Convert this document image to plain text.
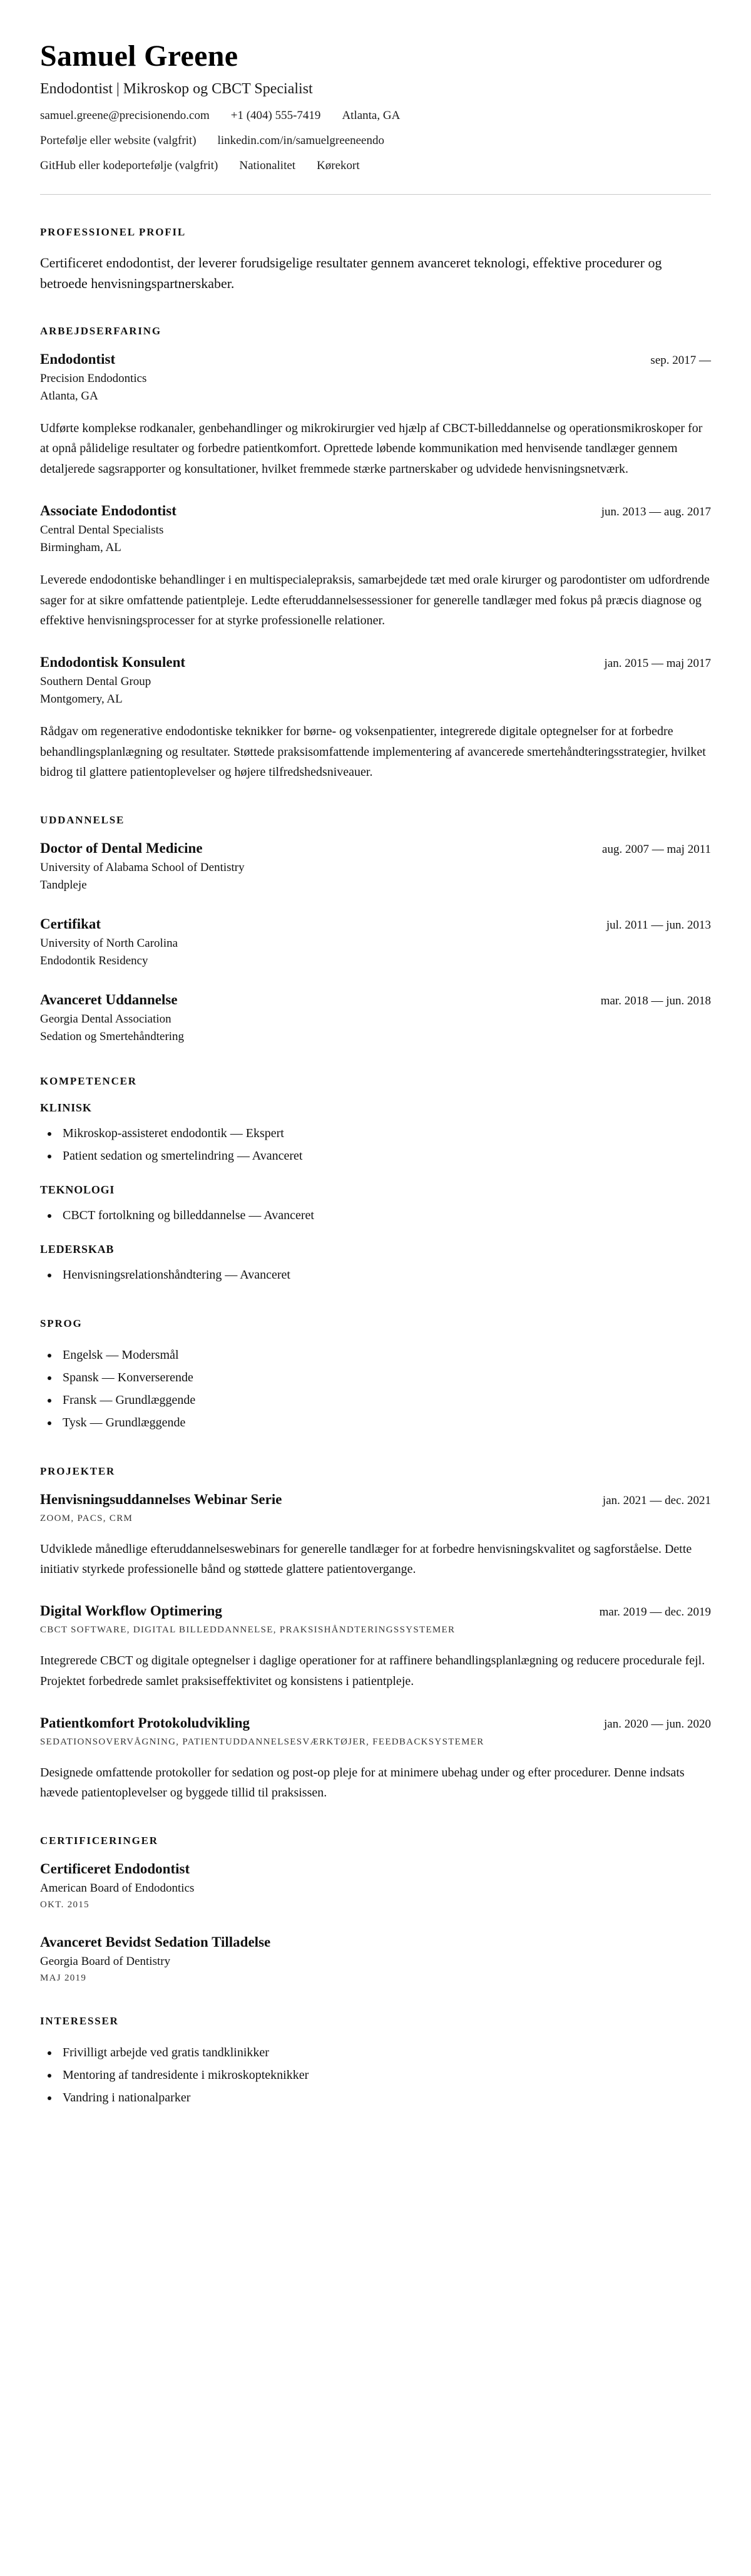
Samuel Greene

Endodontist | Mikroskop og CBCT Specialist

samuel.greene@precisionendo.com +1 (404) 555-7419 Atlanta, GA
Portefølje eller website (valgfrit) linkedin.com/in/samuelgreeneendo
GitHub eller kodeportefølje (valgfrit) Nationalitet Kørekort
PROFESSIONEL PROFIL

Certificeret endodontist, der leverer forudsigelige resultater gennem avanceret teknologi, effektive procedurer og betroede henvisningspartnerskaber.

ARBEJDSERFARING
Endodontist	sep. 2017 —

Precision Endodontics

Atlanta, GA

Udførte komplekse rodkanaler, genbehandlinger og mikrokirurgier ved hjælp af CBCT-billeddannelse og operationsmikroskoper for at opnå pålidelige resultater og forbedre patientkomfort. Oprettede løbende kommunikation med henvisende tandlæger gennem detaljerede sagsrapporter og konsultationer, hvilket fremmede stærke partnerskaber og udvidede henvisningsnetværk.

Associate Endodontist	jun. 2013 — aug. 2017

Central Dental Specialists

Birmingham, AL

Leverede endodontiske behandlinger i en multispecialepraksis, samarbejdede tæt med orale kirurger og parodontister om udfordrende sager for at sikre omfattende patientpleje. Ledte efteruddannelsessessioner for generelle tandlæger med fokus på præcis diagnose og effektive henvisningsprocesser for at styrke professionelle relationer.

Endodontisk Konsulent	jan. 2015 — maj 2017

Southern Dental Group

Montgomery, AL

Rådgav om regenerative endodontiske teknikker for børne- og voksenpatienter, integrerede digitale optegnelser for at forbedre behandlingsplanlægning og resultater. Støttede praksisomfattende implementering af avancerede smertehåndteringsstrategier, hvilket bidrog til glattere patientoplevelser og højere tilfredshedsniveauer.

UDDANNELSE
Doctor of Dental Medicine	aug. 2007 — maj 2011

University of Alabama School of Dentistry

Tandpleje

Certifikat	jul. 2011 — jun. 2013

University of North Carolina

Endodontik Residency

Avanceret Uddannelse	mar. 2018 — jun. 2018

Georgia Dental Association

Sedation og Smertehåndtering

KOMPETENCER
KLINISK
• Mikroskop-assisteret endodontik — Ekspert
• Patient sedation og smertelindring — Avanceret
TEKNOLOGI
• CBCT fortolkning og billeddannelse — Avanceret
LEDERSKAB
• Henvisningsrelationshåndtering — Avanceret
SPROG
• Engelsk — Modersmål
• Spansk — Konverserende
• Fransk — Grundlæggende
• Tysk — Grundlæggende
PROJEKTER
Henvisningsuddannelses Webinar Serie	jan. 2021 — dec. 2021

ZOOM, PACS, CRM

Udviklede månedlige efteruddannelseswebinars for generelle tandlæger for at forbedre henvisningskvalitet og sagforståelse. Dette initiativ styrkede professionelle bånd og støttede glattere patientovergange.

Digital Workflow Optimering	mar. 2019 — dec. 2019

CBCT SOFTWARE, DIGITAL BILLEDDANNELSE, PRAKSISHÅNDTERINGSSYSTEMER

Integrerede CBCT og digitale optegnelser i daglige operationer for at raffinere behandlingsplanlægning og reducere procedurale fejl. Projektet forbedrede samlet praksiseffektivitet og konsistens i patientpleje.

Patientkomfort Protokoludvikling	jan. 2020 — jun. 2020

SEDATIONSOVERVÅGNING, PATIENTUDDANNELSESVÆRKTØJER, FEEDBACKSYSTEMER

Designede omfattende protokoller for sedation og post-op pleje for at minimere ubehag under og efter procedurer. Denne indsats hævede patientoplevelser og byggede tillid til praksissen.

CERTIFICERINGER
Certificeret Endodontist

American Board of Endodontics

OKT. 2015

Avanceret Bevidst Sedation Tilladelse

Georgia Board of Dentistry

MAJ 2019

INTERESSER
• Frivilligt arbejde ved gratis tandklinikker
• Mentoring af tandresidente i mikroskopteknikker
• Vandring i nationalparker
